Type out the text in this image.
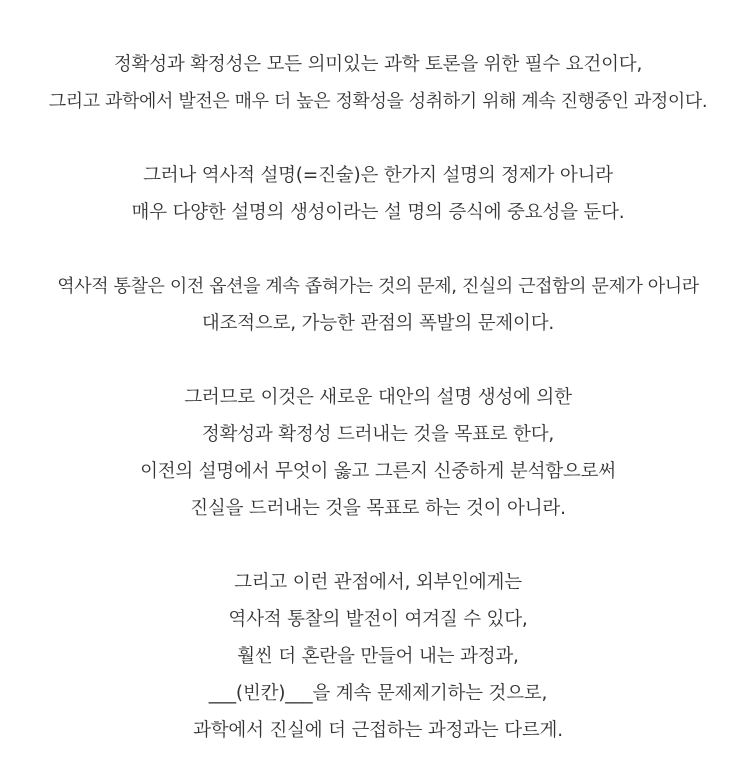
정확성과 확정성은 모든 의미있는 과학 토론을 위한 필수 요건이다,
그리고 과학에서 발전은 매우 더 높은 정확성을 성취하기 위해 계속 진행중인 과정이다.
그러나 역사적 설명(=진술)은 한가지 설명의 정제가 아니라
매우 다양한 설명의 생성이라는 설 명의 증식에 중요성을 둔다.
역사적 통찰은 이전 옵션을 계속 좁혀가는 것의 문제, 진실의 근접함의 문제가 아니라
대조적으로, 가능한 관점의 폭발의 문제이다.
그러므로 이것은 새로운 대안의 설명 생성에 의한
정확성과 확정성 드러내는 것을 목표로 한다,
이전의 설명에서 무엇이 옳고 그른지 신중하게 분석함으로써
진실을 드러내는 것을 목표로 하는 것이 아니라.
그리고 이런 관점에서, 외부인에게는
역사적 통찰의 발전이 여겨질 수 있다,
훨씬 더 혼란을 만들어 내는 과정과,
___(빈칸)___을 계속 문제제기하는 것으로,
과학에서 진실에 더 근접하는 과정과는 다르게.
